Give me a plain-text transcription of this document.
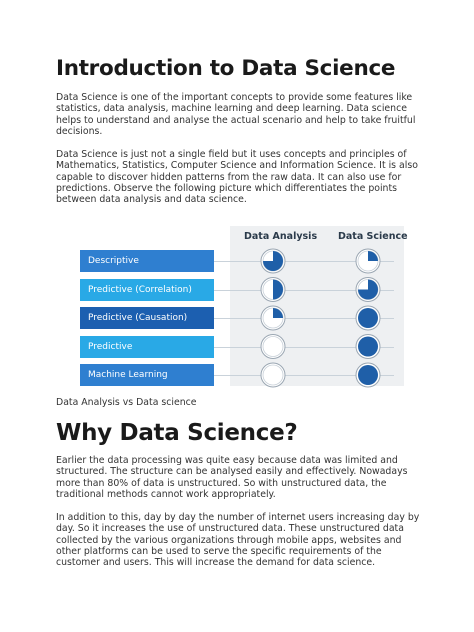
Introduction to Data Science
Data Science is one of the important concepts to provide some features like
statistics, data analysis, machine learning and deep learning. Data science
helps to understand and analyse the actual scenario and help to take fruitful
decisions.
Data Science is just not a single field but it uses concepts and principles of
Mathematics, Statistics, Computer Science and Information Science. It is also
capable to discover hidden patterns from the raw data. It can also use for
predictions. Observe the following picture which differentiates the points
between data analysis and data science.
Data Analysis Data Science
Descriptive
Predictive (Correlation)
Predictive (Causation)
Predictive
Machine Learning
Data Analysis vs Data science
Why Data Science?
Earlier the data processing was quite easy because data was limited and
structured. The structure can be analysed easily and effectively. Nowadays
more than 80% of data is unstructured. So with unstructured data, the
traditional methods cannot work appropriately.
In addition to this, day by day the number of internet users increasing day by
day. So it increases the use of unstructured data. These unstructured data
collected by the various organizations through mobile apps, websites and
other platforms can be used to serve the specific requirements of the
customer and users. This will increase the demand for data science.
